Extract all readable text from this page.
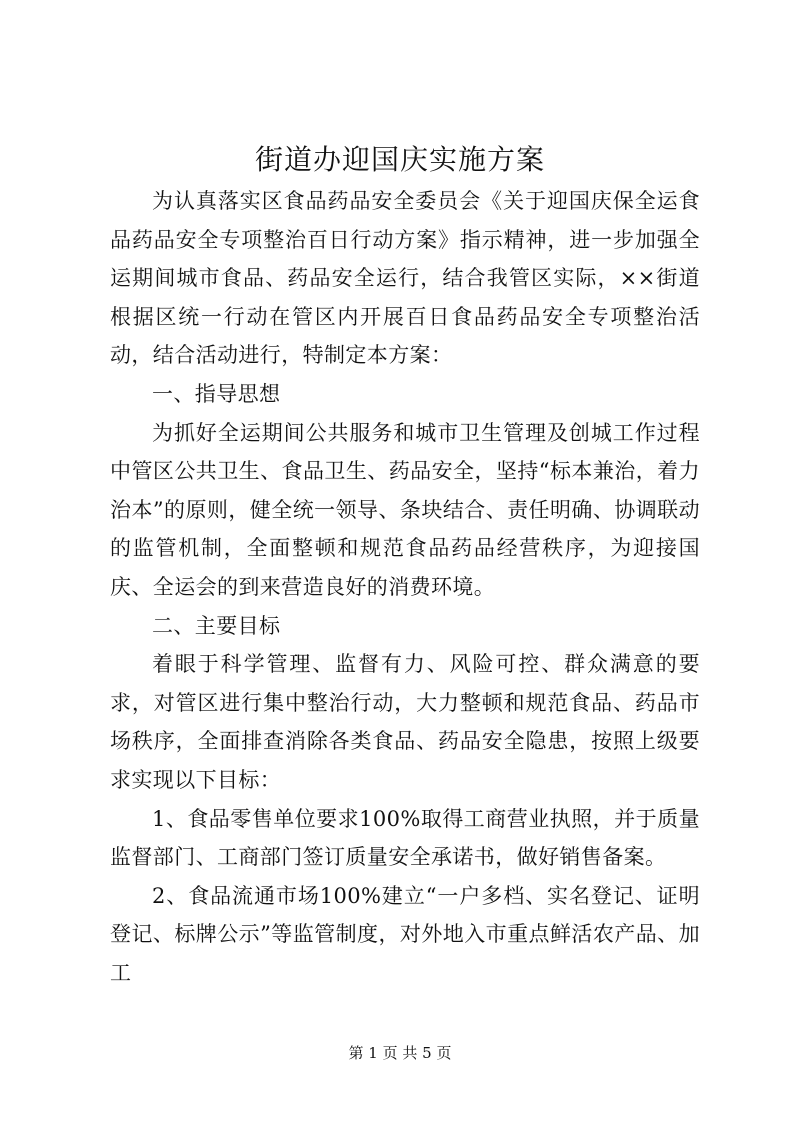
街道办迎国庆实施方案

为认真落实区食品药品安全委员会《关于迎国庆保全运食品药品安全专项整治百日行动方案》指示精神，进一步加强全运期间城市食品、药品安全运行，结合我管区实际，××街道根据区统一行动在管区内开展百日食品药品安全专项整治活动，结合活动进行，特制定本方案：

一、指导思想

为抓好全运期间公共服务和城市卫生管理及创城工作过程中管区公共卫生、食品卫生、药品安全，坚持“标本兼治，着力治本”的原则，健全统一领导、条块结合、责任明确、协调联动的监管机制，全面整顿和规范食品药品经营秩序，为迎接国庆、全运会的到来营造良好的消费环境。

二、主要目标

着眼于科学管理、监督有力、风险可控、群众满意的要求，对管区进行集中整治行动，大力整顿和规范食品、药品市场秩序，全面排查消除各类食品、药品安全隐患，按照上级要求实现以下目标：

1、食品零售单位要求100%取得工商营业执照，并于质量监督部门、工商部门签订质量安全承诺书，做好销售备案。

2、食品流通市场100%建立“一户多档、实名登记、证明登记、标牌公示”等监管制度，对外地入市重点鲜活农产品、加工

第 1 页 共 5 页
